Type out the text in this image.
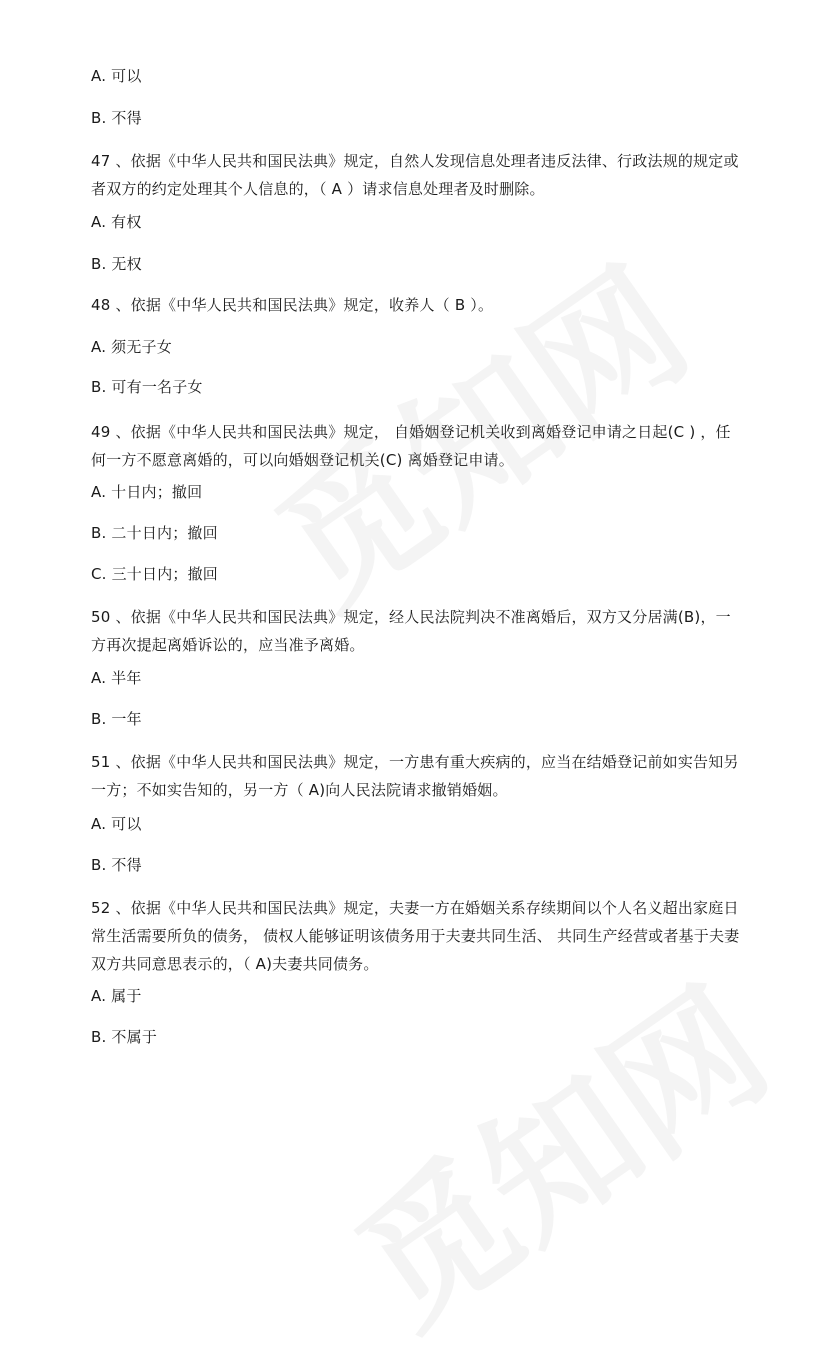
A. 可以
B. 不得
47 、依据《中华人民共和国民法典》规定，自然人发现信息处理者违反法律、行政法规的规定或者双方的约定处理其个人信息的，（ A ）请求信息处理者及时删除。
A. 有权
B. 无权
48 、依据《中华人民共和国民法典》规定，收养人（ B ）。
A. 须无子女
B. 可有一名子女
49 、依据《中华人民共和国民法典》规定， 自婚姻登记机关收到离婚登记申请之日起(C ) ，任何一方不愿意离婚的，可以向婚姻登记机关(C) 离婚登记申请。
A. 十日内；撤回
B. 二十日内；撤回
C. 三十日内；撤回
50 、依据《中华人民共和国民法典》规定，经人民法院判决不准离婚后，双方又分居满(B)，一方再次提起离婚诉讼的，应当准予离婚。
A. 半年
B. 一年
51 、依据《中华人民共和国民法典》规定，一方患有重大疾病的，应当在结婚登记前如实告知另一方；不如实告知的，另一方（ A)向人民法院请求撤销婚姻。
A. 可以
B. 不得
52 、依据《中华人民共和国民法典》规定，夫妻一方在婚姻关系存续期间以个人名义超出家庭日常生活需要所负的债务， 债权人能够证明该债务用于夫妻共同生活、 共同生产经营或者基于夫妻双方共同意思表示的，（ A)夫妻共同债务。
A. 属于
B. 不属于
